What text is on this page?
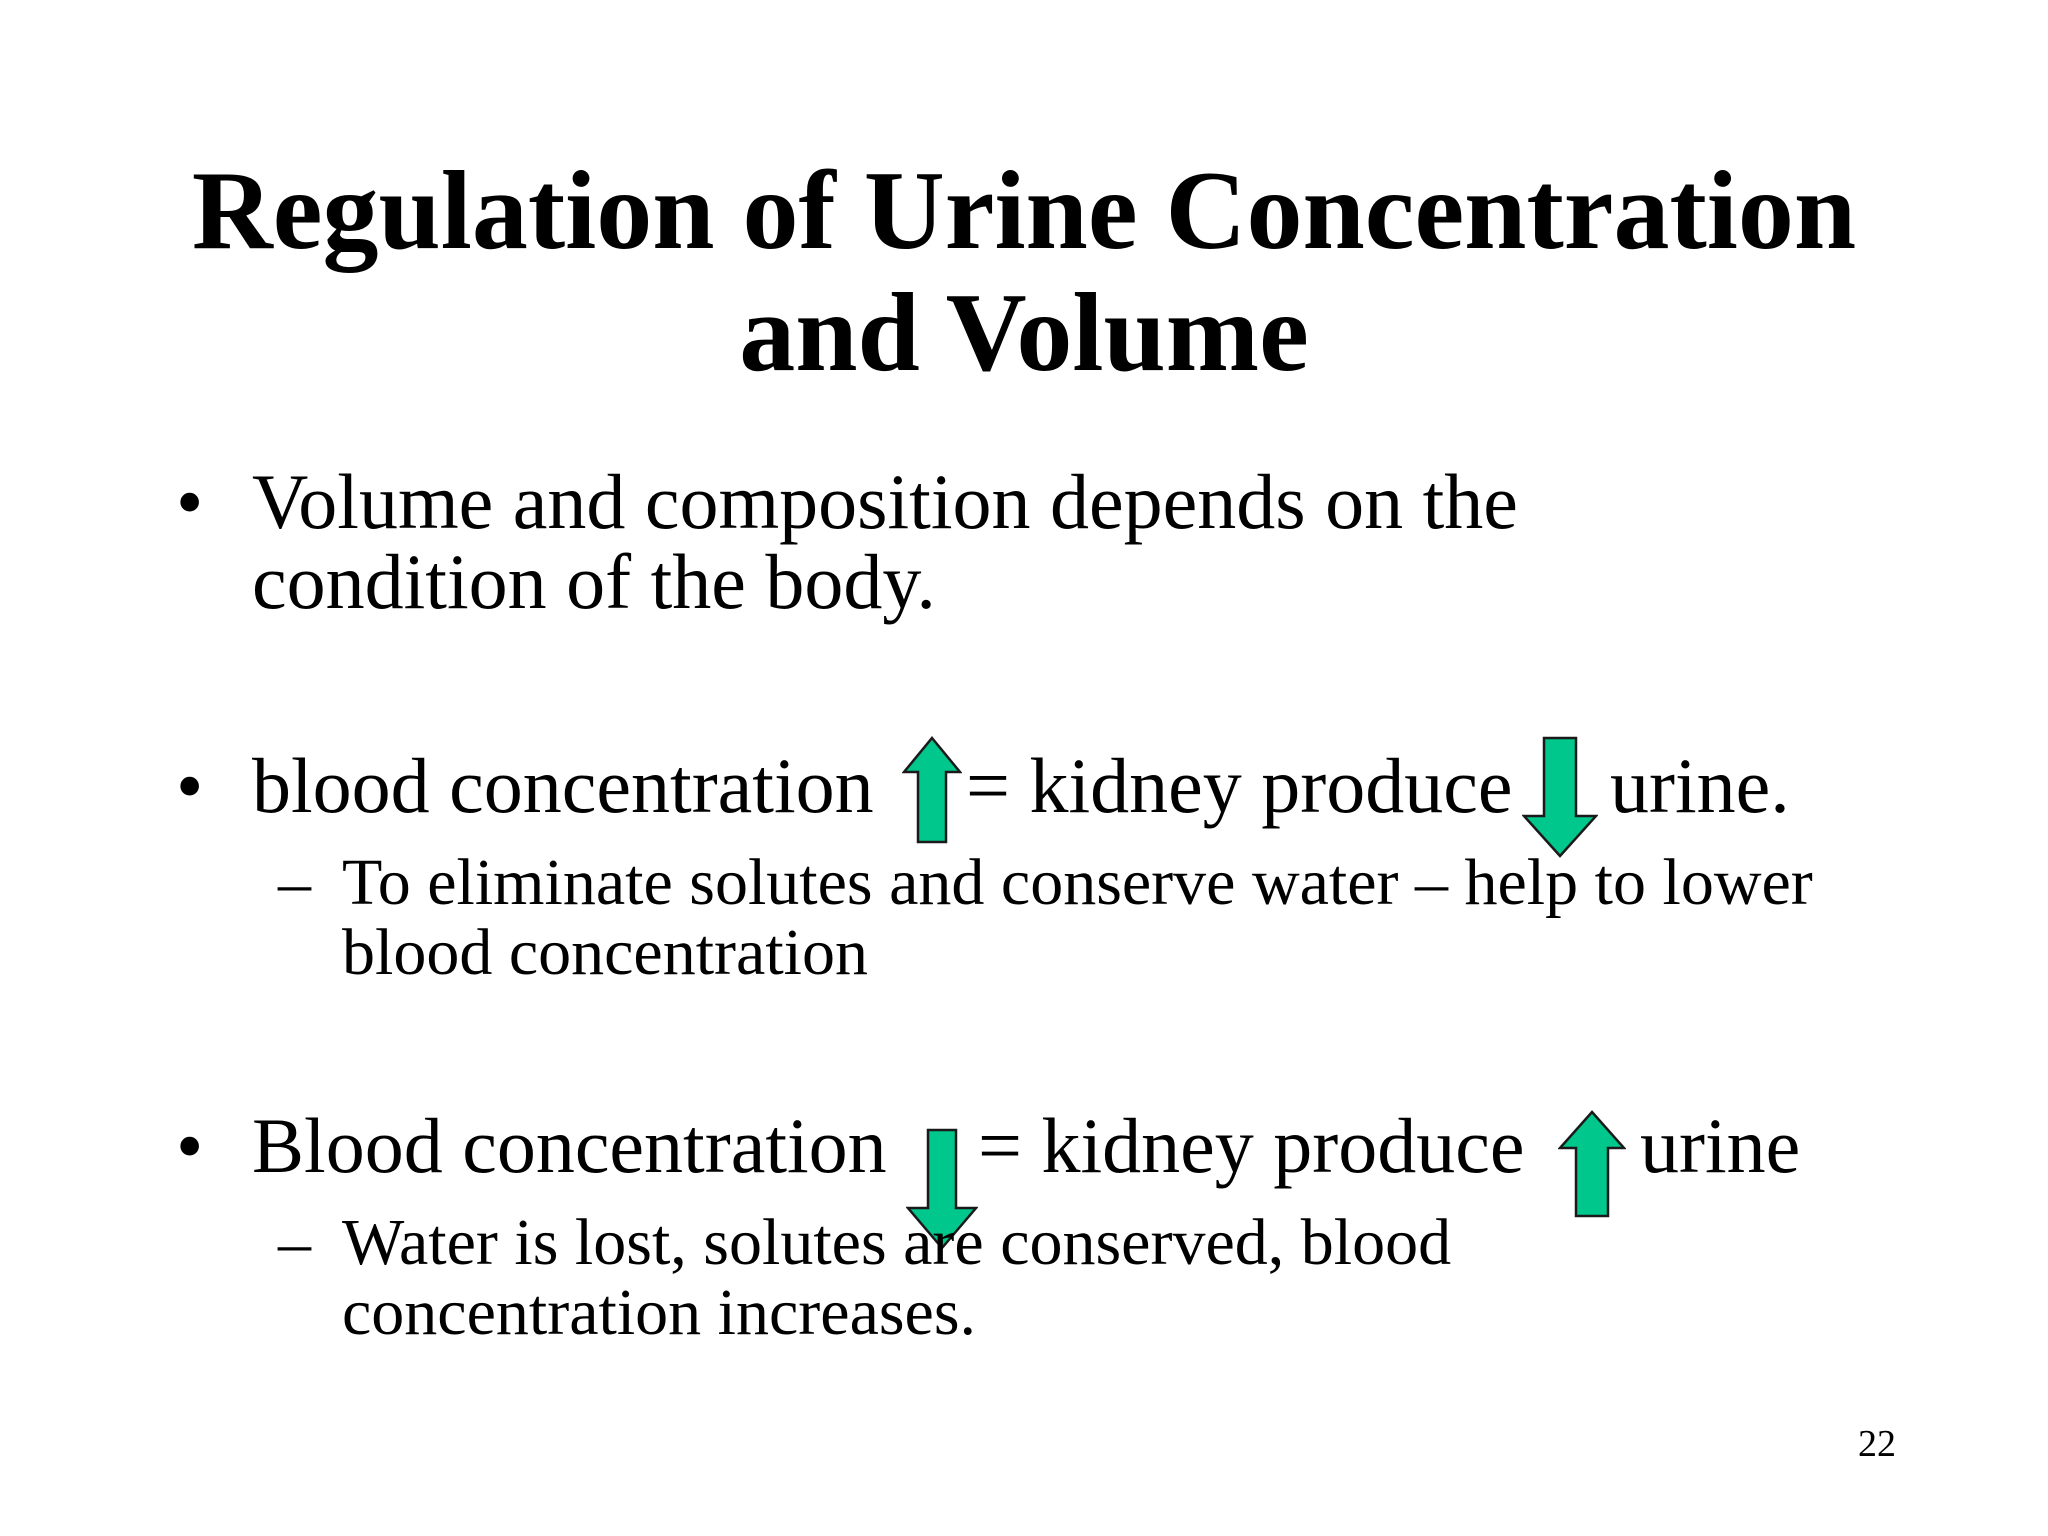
Regulation of Urine Concentration
and Volume
• Volume and composition depends on the
condition of the body.
• blood concentration = kidney produce urine.
– To eliminate solutes and conserve water – help to lower
blood concentration
• Blood concentration = kidney produce urine
– Water is lost, solutes are conserved, blood
concentration increases.
22
